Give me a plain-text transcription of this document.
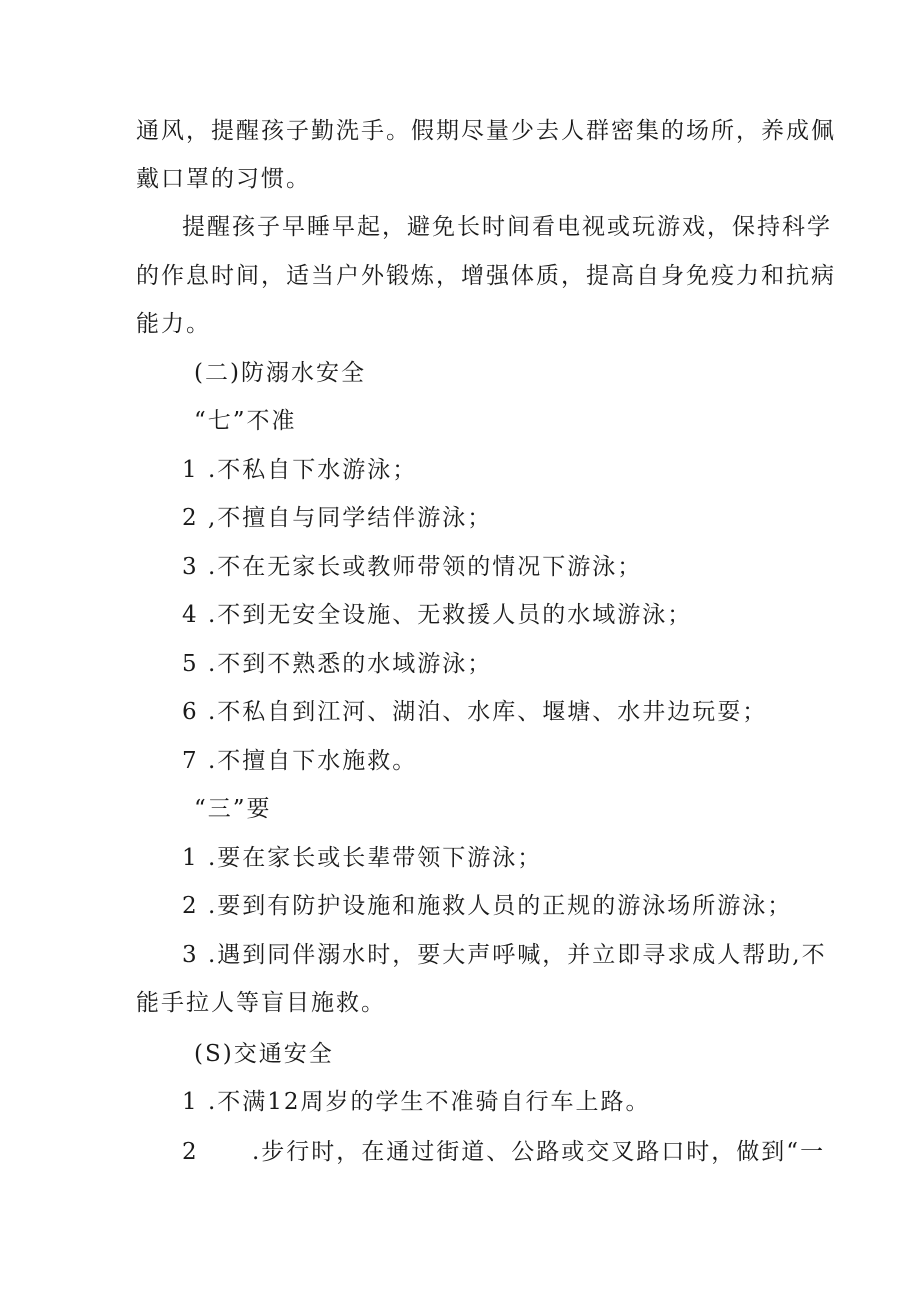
通风，提醒孩子勤洗手。假期尽量少去人群密集的场所，养成佩
戴口罩的习惯。
提醒孩子早睡早起，避免长时间看电视或玩游戏，保持科学
的作息时间，适当户外锻炼，增强体质，提高自身免疫力和抗病
能力。
(二)防溺水安全
“七”不准
1 .不私自下水游泳；
2 ,不擅自与同学结伴游泳；
3 .不在无家长或教师带领的情况下游泳；
4 .不到无安全设施、无救援人员的水域游泳；
5 .不到不熟悉的水域游泳；
6 .不私自到江河、湖泊、水库、堰塘、水井边玩耍；
7 .不擅自下水施救。
“三”要
1 .要在家长或长辈带领下游泳；
2 .要到有防护设施和施救人员的正规的游泳场所游泳；
3 .遇到同伴溺水时，要大声呼喊，并立即寻求成人帮助,不
能手拉人等盲目施救。
(S)交通安全
1 .不满12周岁的学生不准骑自行车上路。
2 .步行时，在通过街道、公路或交叉路口时，做到“一
